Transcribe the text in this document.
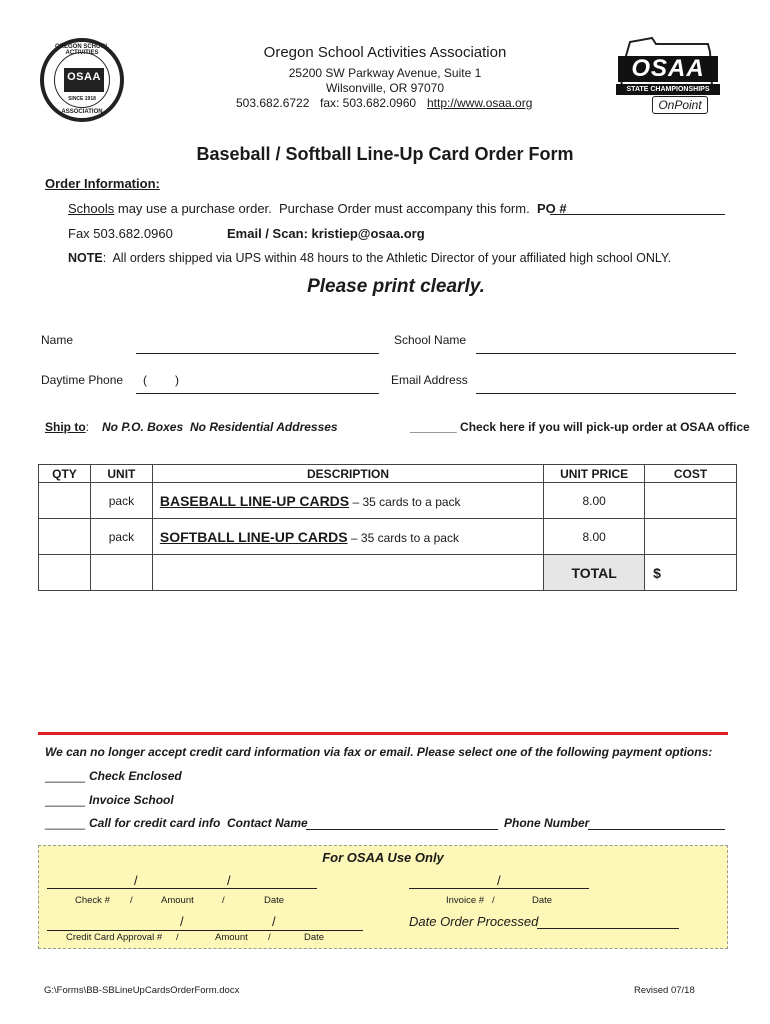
OREGON SCHOOL ACTIVITIES
OSAA
SINCE 1918
ASSOCIATION
Oregon School Activities Association
25200 SW Parkway Avenue, Suite 1
Wilsonville, OR 97070
503.682.6722 fax: 503.682.0960 http://www.osaa.org
OSAA
STATE CHAMPIONSHIPS
OnPoint
Baseball / Softball Line-Up Card Order Form
Order Information:
Schools may use a purchase order.  Purchase Order must accompany this form.  PO #
Fax 503.682.0960	Email / Scan: kristiep@osaa.org
NOTE:  All orders shipped via UPS within 48 hours to the Athletic Director of your affiliated high school ONLY.
Please print clearly.
Name	School Name
Daytime Phone ( )	Email Address
Ship to: No P.O. Boxes No Residential Addresses	_______ Check here if you will pick-up order at OSAA office
QTY	UNIT	DESCRIPTION	UNIT PRICE	COST
	pack	BASEBALL LINE-UP CARDS – 35 cards to a pack	8.00	
	pack	SOFTBALL LINE-UP CARDS – 35 cards to a pack	8.00	
			TOTAL	$
We can no longer accept credit card information via fax or email. Please select one of the following payment options:
______ Check Enclosed
______ Invoice School
______ Call for credit card info Contact Name	Phone Number
For OSAA Use Only
/	/
Check # /	Amount	/	Date
/
Invoice # /	Date
/	/
Credit Card Approval # /	Amount /	Date
Date Order Processed
G:\Forms\BB-SBLineUpCardsOrderForm.docx	Revised 07/18
